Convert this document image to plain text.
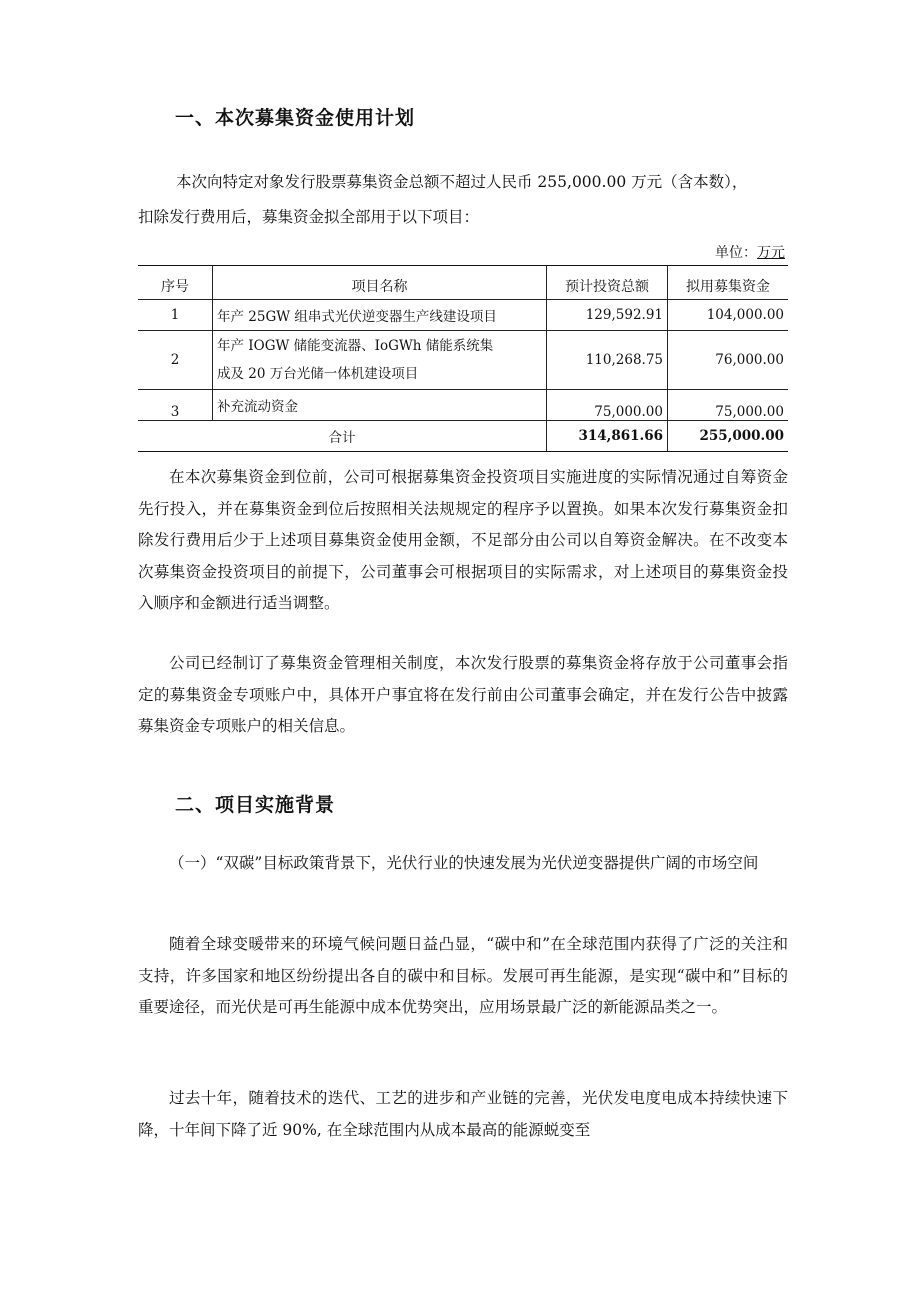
一、本次募集资金使用计划
本次向特定对象发行股票募集资金总额不超过人民币 255,000.00 万元（含本数），
扣除发行费用后，募集资金拟全部用于以下项目：
单位：万元
序号	项目名称	预计投资总额	拟用募集资金
1	年产 25GW 组串式光伏逆变器生产线建设项目	129,592.91	104,000.00
2	年产 IOGW 储能变流器、IoGWh 储能系统集
成及 20 万台光储一体机建设项目	110,268.75	76,000.00
3	补充流动资金	75,000.00	75,000.00
合计		314,861.66	255,000.00

在本次募集资金到位前，公司可根据募集资金投资项目实施进度的实际情况通过自筹资金先行投入，并在募集资金到位后按照相关法规规定的程序予以置换。如果本次发行募集资金扣除发行费用后少于上述项目募集资金使用金额，不足部分由公司以自筹资金解决。在不改变本次募集资金投资项目的前提下，公司董事会可根据项目的实际需求，对上述项目的募集资金投入顺序和金额进行适当调整。

公司已经制订了募集资金管理相关制度，本次发行股票的募集资金将存放于公司董事会指定的募集资金专项账户中，具体开户事宜将在发行前由公司董事会确定，并在发行公告中披露募集资金专项账户的相关信息。

二、项目实施背景

（一）“双碳”目标政策背景下，光伏行业的快速发展为光伏逆变器提供广阔的市场空间

随着全球变暖带来的环境气候问题日益凸显，“碳中和”在全球范围内获得了广泛的关注和支持，许多国家和地区纷纷提出各自的碳中和目标。发展可再生能源，是实现“碳中和”目标的重要途径，而光伏是可再生能源中成本优势突出，应用场景最广泛的新能源品类之一。

过去十年，随着技术的迭代、工艺的进步和产业链的完善，光伏发电度电成本持续快速下降，十年间下降了近 90%, 在全球范围内从成本最高的能源蜕变至
